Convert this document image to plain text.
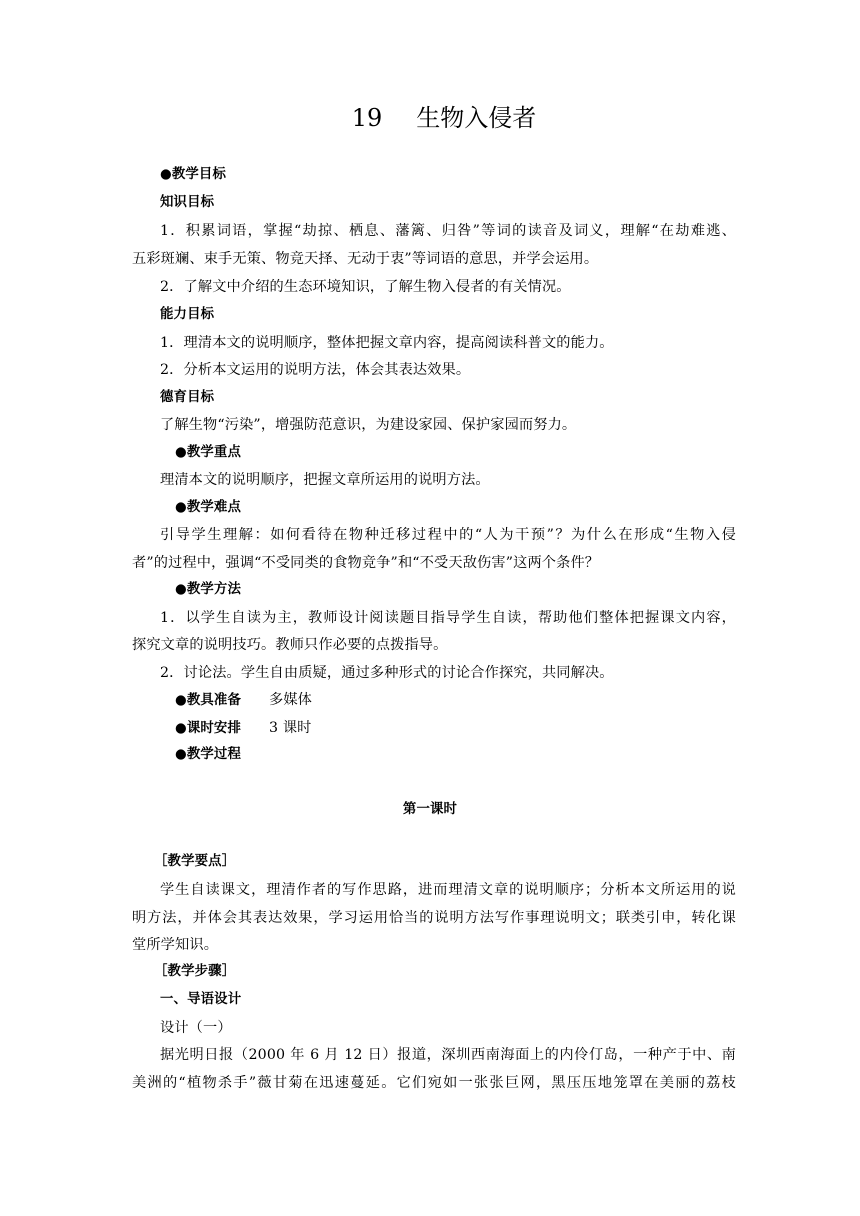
19 生物入侵者
●教学目标
知识目标
1．积累词语，掌握“劫掠、栖息、藩篱、归咎”等词的读音及词义，理解“在劫难逃、
五彩斑斓、束手无策、物竞天择、无动于衷”等词语的意思，并学会运用。
2．了解文中介绍的生态环境知识，了解生物入侵者的有关情况。
能力目标
1．理清本文的说明顺序，整体把握文章内容，提高阅读科普文的能力。
2．分析本文运用的说明方法，体会其表达效果。
德育目标
了解生物“污染”，增强防范意识，为建设家园、保护家园而努力。
●教学重点
理清本文的说明顺序，把握文章所运用的说明方法。
●教学难点
引导学生理解：如何看待在物种迁移过程中的“人为干预”？为什么在形成“生物入侵
者”的过程中，强调“不受同类的食物竞争”和“不受天敌伤害”这两个条件？
●教学方法
1．以学生自读为主，教师设计阅读题目指导学生自读，帮助他们整体把握课文内容，
探究文章的说明技巧。教师只作必要的点拨指导。
2．讨论法。学生自由质疑，通过多种形式的讨论合作探究，共同解决。
●教具准备 多媒体
●课时安排 3 课时
●教学过程
第一课时
［教学要点］
学生自读课文，理清作者的写作思路，进而理清文章的说明顺序；分析本文所运用的说
明方法，并体会其表达效果，学习运用恰当的说明方法写作事理说明文；联类引申，转化课
堂所学知识。
［教学步骤］
一、导语设计
设计（一）
据光明日报（2000 年 6 月 12 日）报道，深圳西南海面上的内伶仃岛，一种产于中、南
美洲的“植物杀手”薇甘菊在迅速蔓延。它们宛如一张张巨网，黑压压地笼罩在美丽的荔枝
